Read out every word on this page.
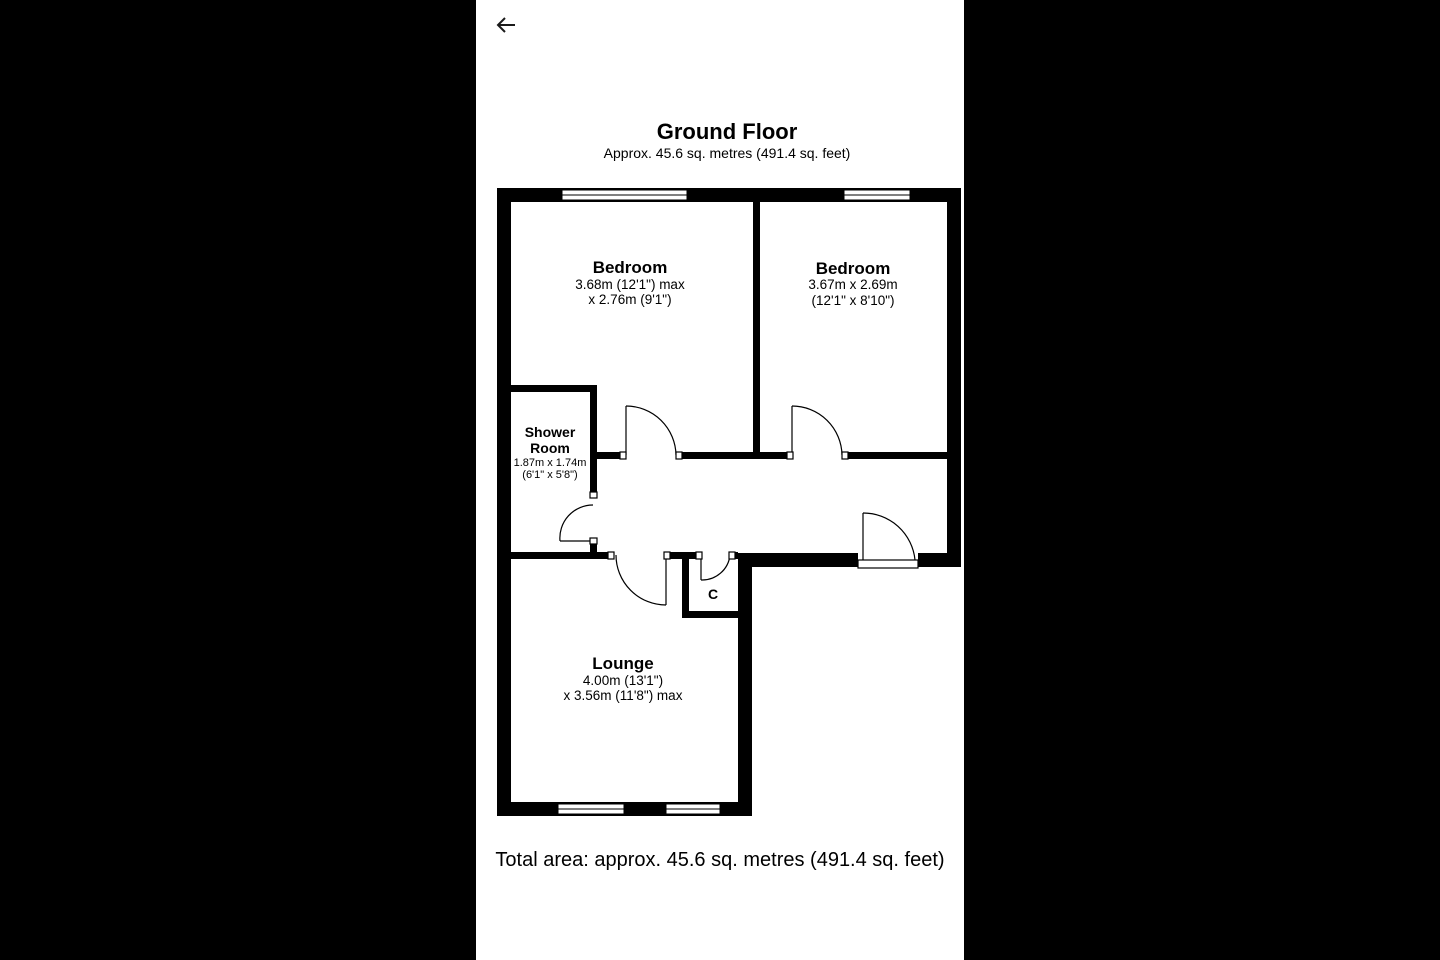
Ground Floor
Approx. 45.6 sq. metres (491.4 sq. feet)
Bedroom
3.68m (12'1") max
x 2.76m (9'1")
Bedroom
3.67m x 2.69m
(12'1" x 8'10")
Shower
Room
1.87m x 1.74m
(6'1" x 5'8")
Lounge
4.00m (13'1")
x 3.56m (11'8") max
C
Total area: approx. 45.6 sq. metres (491.4 sq. feet)
